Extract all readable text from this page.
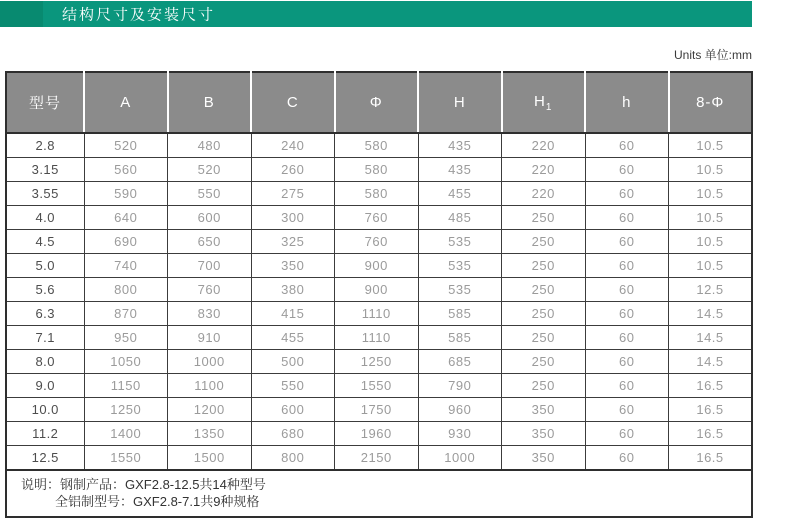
结构尺寸及安装尺寸
Units 单位:mm
型号	A	B	C	Φ	H	$H_1$	h	8-Φ
2.8	520	480	240	580	435	220	60	10.5
3.15	560	520	260	580	435	220	60	10.5
3.55	590	550	275	580	455	220	60	10.5
4.0	640	600	300	760	485	250	60	10.5
4.5	690	650	325	760	535	250	60	10.5
5.0	740	700	350	900	535	250	60	10.5
5.6	800	760	380	900	535	250	60	12.5
6.3	870	830	415	1110	585	250	60	14.5
7.1	950	910	455	1110	585	250	60	14.5
8.0	1050	1000	500	1250	685	250	60	14.5
9.0	1150	1100	550	1550	790	250	60	16.5
10.0	1250	1200	600	1750	960	350	60	16.5
11.2	1400	1350	680	1960	930	350	60	16.5
12.5	1550	1500	800	2150	1000	350	60	16.5
说明：钢制产品：GXF2.8-12.5共14种型号
全铝制型号：GXF2.8-7.1共9种规格
